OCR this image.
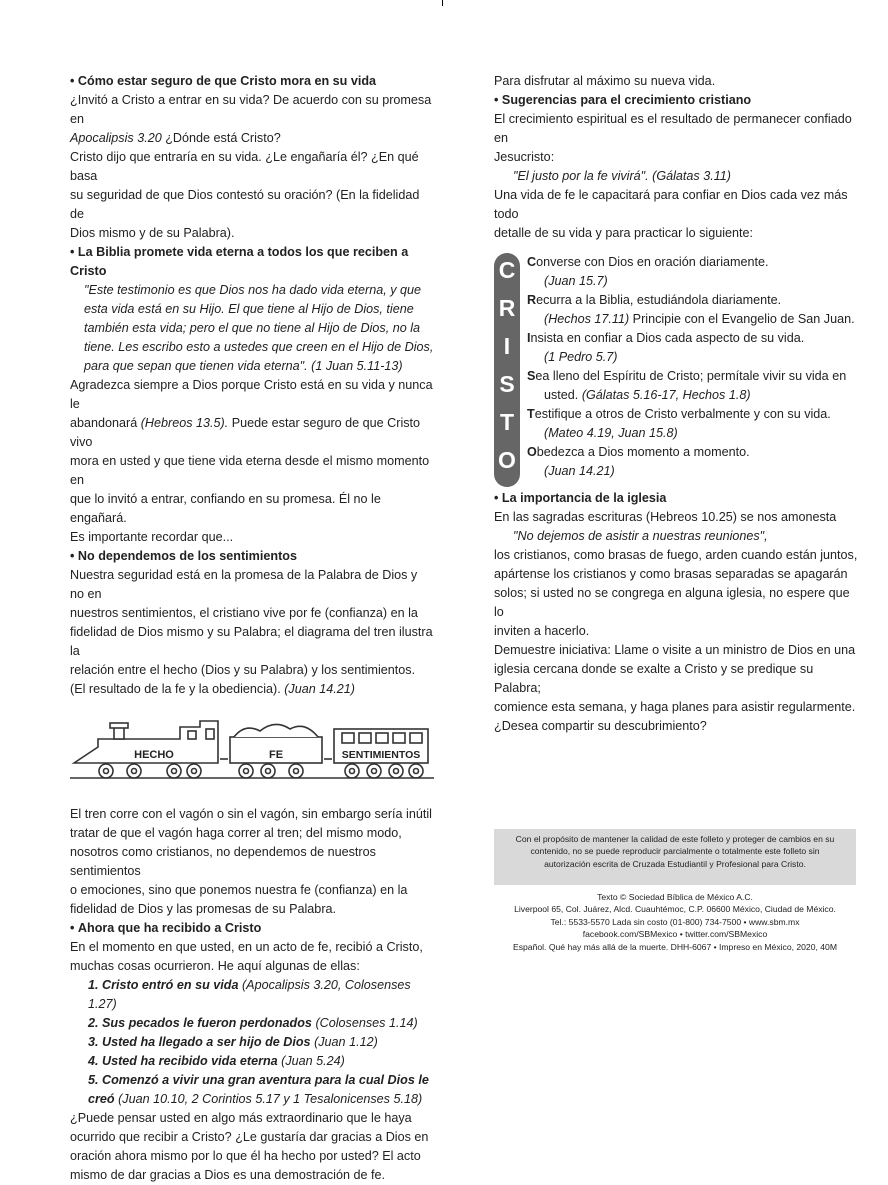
• Cómo estar seguro de que Cristo mora en su vida

¿Invitó a Cristo a entrar en su vida? De acuerdo con su promesa en

Apocalipsis 3.20 ¿Dónde está Cristo?

Cristo dijo que entraría en su vida. ¿Le engañaría él? ¿En qué basa

su seguridad de que Dios contestó su oración? (En la fidelidad de

Dios mismo y de su Palabra).

• La Biblia promete vida eterna a todos los que reciben a

Cristo

"Este testimonio es que Dios nos ha dado vida eterna, y que

esta vida está en su Hijo. El que tiene al Hijo de Dios, tiene

también esta vida; pero el que no tiene al Hijo de Dios, no la

tiene. Les escribo esto a ustedes que creen en el Hijo de Dios,

para que sepan que tienen vida eterna". (1 Juan 5.11-13)

Agradezca siempre a Dios porque Cristo está en su vida y nunca le

abandonará (Hebreos 13.5). Puede estar seguro de que Cristo vivo

mora en usted y que tiene vida eterna desde el mismo momento en

que lo invitó a entrar, confiando en su promesa. Él no le engañará.

Es importante recordar que...

• No dependemos de los sentimientos

Nuestra seguridad está en la promesa de la Palabra de Dios y no en

nuestros sentimientos, el cristiano vive por fe (confianza) en la

fidelidad de Dios mismo y su Palabra; el diagrama del tren ilustra la

relación entre el hecho (Dios y su Palabra) y los sentimientos.

(El resultado de la fe y la obediencia). (Juan 14.21)

HECHO	FE	SENTIMIENTOS

El tren corre con el vagón o sin el vagón, sin embargo sería inútil

tratar de que el vagón haga correr al tren; del mismo modo,

nosotros como cristianos, no dependemos de nuestros sentimientos

o emociones, sino que ponemos nuestra fe (confianza) en la

fidelidad de Dios y las promesas de su Palabra.

• Ahora que ha recibido a Cristo

En el momento en que usted, en un acto de fe, recibió a Cristo,

muchas cosas ocurrieron. He aquí algunas de ellas:

1. Cristo entró en su vida (Apocalipsis 3.20, Colosenses 1.27)

2. Sus pecados le fueron perdonados (Colosenses 1.14)

3. Usted ha llegado a ser hijo de Dios (Juan 1.12)

4. Usted ha recibido vida eterna (Juan 5.24)

5. Comenzó a vivir una gran aventura para la cual Dios le

creó (Juan 10.10, 2 Corintios 5.17 y 1 Tesalonicenses 5.18)

¿Puede pensar usted en algo más extraordinario que le haya

ocurrido que recibir a Cristo? ¿Le gustaría dar gracias a Dios en

oración ahora mismo por lo que él ha hecho por usted? El acto

mismo de dar gracias a Dios es una demostración de fe.

Para disfrutar al máximo su nueva vida.

• Sugerencias para el crecimiento cristiano

El crecimiento espiritual es el resultado de permanecer confiado en

Jesucristo:

"El justo por la fe vivirá". (Gálatas 3.11)

Una vida de fe le capacitará para confiar en Dios cada vez más todo

detalle de su vida y para practicar lo siguiente:

C
R
I
S
T
O

Converse con Dios en oración diariamente.

(Juan 15.7)

Recurra a la Biblia, estudiándola diariamente.

(Hechos 17.11) Principie con el Evangelio de San Juan.

Insista en confiar a Dios cada aspecto de su vida.

(1 Pedro 5.7)

Sea lleno del Espíritu de Cristo; permítale vivir su vida en

usted. (Gálatas 5.16-17, Hechos 1.8)

Testifique a otros de Cristo verbalmente y con su vida.

(Mateo 4.19, Juan 15.8)

Obedezca a Dios momento a momento.

(Juan 14.21)

• La importancia de la iglesia

En las sagradas escrituras (Hebreos 10.25) se nos amonesta

"No dejemos de asistir a nuestras reuniones",

los cristianos, como brasas de fuego, arden cuando están juntos,

apártense los cristianos y como brasas separadas se apagarán

solos; si usted no se congrega en alguna iglesia, no espere que lo

inviten a hacerlo.

Demuestre iniciativa: Llame o visite a un ministro de Dios en una

iglesia cercana donde se exalte a Cristo y se predique su Palabra;

comience esta semana, y haga planes para asistir regularmente.

¿Desea compartir su descubrimiento?

Con el propósito de mantener la calidad de este folleto y proteger de cambios en su
contenido, no se puede reproducir parcialmente o totalmente este folleto sin
autorización escrita de Cruzada Estudiantil y Profesional para Cristo.
Texto © Sociedad Bíblica de México A.C.
Liverpool 65, Col. Juárez, Alcd. Cuauhtémoc, C.P. 06600 México, Ciudad de México.
Tel.: 5533-5570 Lada sin costo (01-800) 734-7500 • www.sbm.mx
facebook.com/SBMexico • twitter.com/SBMexico
Español. Qué hay más allá de la muerte. DHH-6067 • Impreso en México, 2020, 40M
